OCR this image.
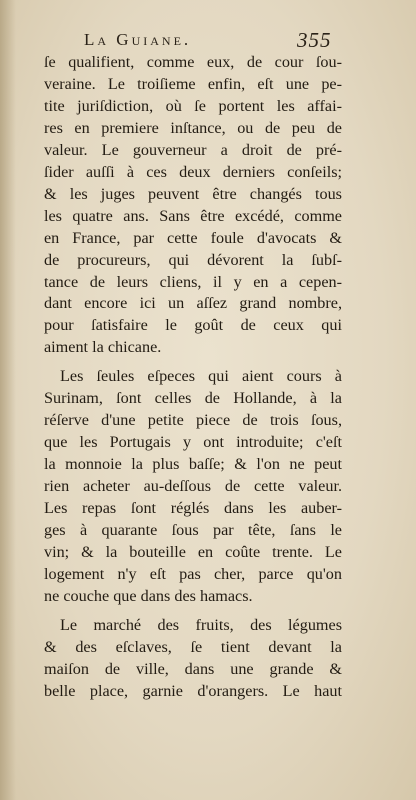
La Guiane.	355
ſe qualifient, comme eux, de cour ſou-
veraine. Le troiſieme enfin, eſt une pe-
tite juriſdiction, où ſe portent les affai-
res en premiere inſtance, ou de peu de
valeur. Le gouverneur a droit de pré-
ſider auſſi à ces deux derniers conſeils;
& les juges peuvent être changés tous
les quatre ans. Sans être excédé, comme
en France, par cette foule d'avocats &
de procureurs, qui dévorent la ſubſ-
tance de leurs cliens, il y en a cepen-
dant encore ici un aſſez grand nombre,
pour ſatisfaire le goût de ceux qui
aiment la chicane.
Les ſeules eſpeces qui aient cours à
Surinam, ſont celles de Hollande, à la
réſerve d'une petite piece de trois ſous,
que les Portugais y ont introduite; c'eſt
la monnoie la plus baſſe; & l'on ne peut
rien acheter au-deſſous de cette valeur.
Les repas ſont réglés dans les auber-
ges à quarante ſous par tête, ſans le
vin; & la bouteille en coûte trente. Le
logement n'y eſt pas cher, parce qu'on
ne couche que dans des hamacs.
Le marché des fruits, des légumes
& des eſclaves, ſe tient devant la
maiſon de ville, dans une grande &
belle place, garnie d'orangers. Le haut
